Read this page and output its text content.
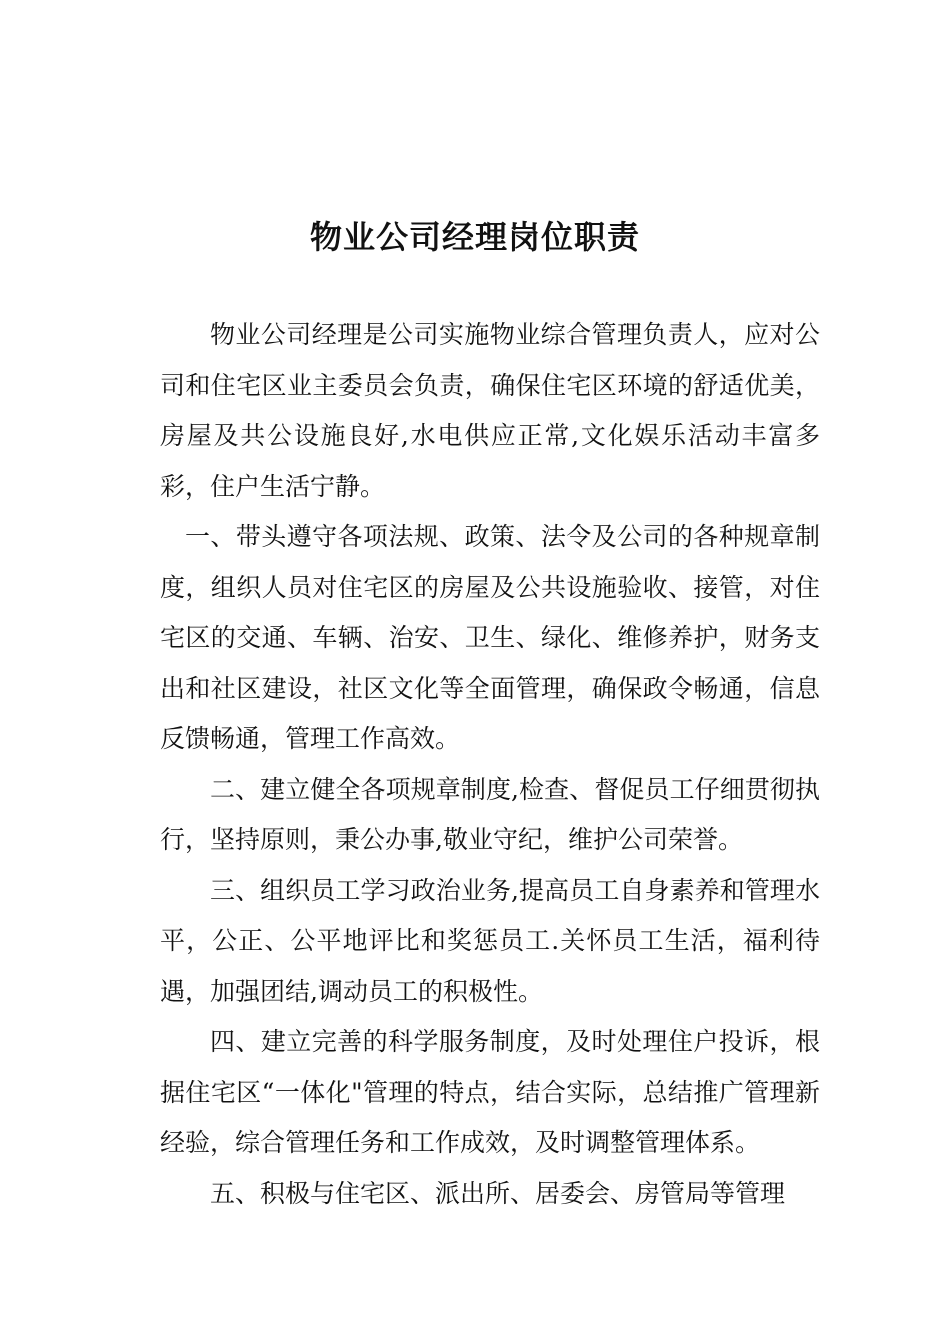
物业公司经理岗位职责

物业公司经理是公司实施物业综合管理负责人，应对公司和住宅区业主委员会负责，确保住宅区环境的舒适优美，房屋及共公设施良好,水电供应正常,文化娱乐活动丰富多彩，住户生活宁静。

一、带头遵守各项法规、政策、法令及公司的各种规章制度，组织人员对住宅区的房屋及公共设施验收、接管，对住宅区的交通、车辆、治安、卫生、绿化、维修养护，财务支出和社区建设，社区文化等全面管理，确保政令畅通，信息反馈畅通，管理工作高效。

二、建立健全各项规章制度,检查、督促员工仔细贯彻执行，坚持原则，秉公办事,敬业守纪，维护公司荣誉。

三、组织员工学习政治业务,提高员工自身素养和管理水平，公正、公平地评比和奖惩员工.关怀员工生活，福利待遇，加强团结,调动员工的积极性。

四、建立完善的科学服务制度，及时处理住户投诉，根据住宅区“一体化"管理的特点，结合实际，总结推广管理新经验，综合管理任务和工作成效，及时调整管理体系。

五、积极与住宅区、派出所、居委会、房管局等管理
